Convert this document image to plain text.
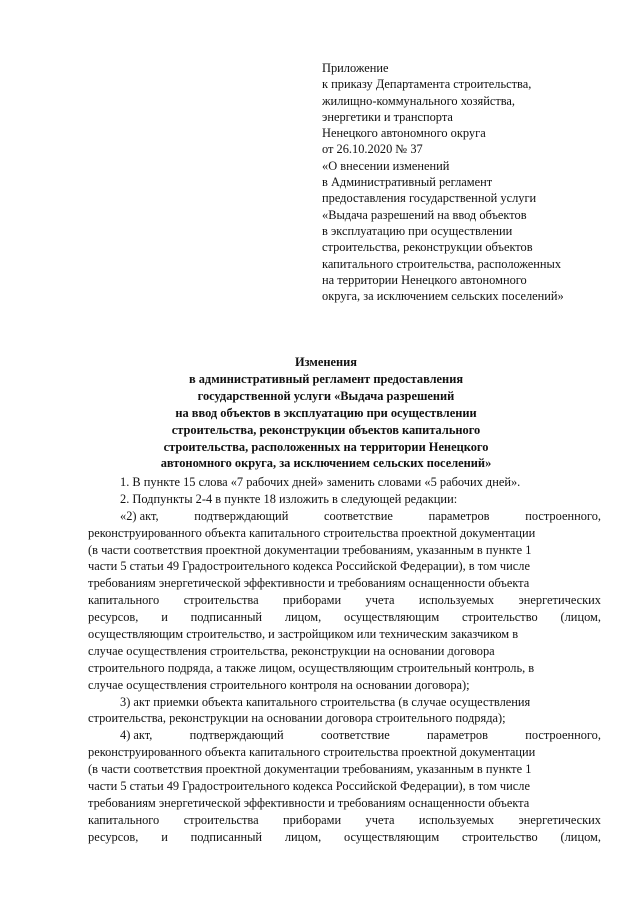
Приложение
к приказу Департамента строительства,
жилищно-коммунального хозяйства,
энергетики и транспорта
Ненецкого автономного округа
от 26.10.2020 № 37
«О внесении изменений
в Административный регламент
предоставления государственной услуги
«Выдача разрешений на ввод объектов
в эксплуатацию при осуществлении
строительства, реконструкции объектов
капитального строительства, расположенных
на территории Ненецкого автономного
округа, за исключением сельских поселений»
Изменения
в административный регламент предоставления
государственной услуги «Выдача разрешений
на ввод объектов в эксплуатацию при осуществлении
строительства, реконструкции объектов капитального
строительства, расположенных на территории Ненецкого
автономного округа, за исключением сельских поселений»
1. В пункте 15 слова «7 рабочих дней» заменить словами «5 рабочих дней».
2. Подпункты 2-4 в пункте 18 изложить в следующей редакции:
«2) акт,	подтверждающий	соответствие	параметров	построенного,
реконструированного объекта капитального строительства проектной документации
(в части соответствия проектной документации требованиям, указанным в пункте 1
части 5 статьи 49 Градостроительного кодекса Российской Федерации), в том числе
требованиям энергетической эффективности и требованиям оснащенности объекта
капитального строительства приборами учета используемых энергетических
ресурсов, и подписанный лицом, осуществляющим строительство (лицом,
осуществляющим строительство, и застройщиком или техническим заказчиком в
случае осуществления строительства, реконструкции на основании договора
строительного подряда, а также лицом, осуществляющим строительный контроль, в
случае осуществления строительного контроля на основании договора);
3) акт приемки объекта капитального строительства (в случае осуществления
строительства, реконструкции на основании договора строительного подряда);
4) акт,	подтверждающий	соответствие	параметров	построенного,
реконструированного объекта капитального строительства проектной документации
(в части соответствия проектной документации требованиям, указанным в пункте 1
части 5 статьи 49 Градостроительного кодекса Российской Федерации), в том числе
требованиям энергетической эффективности и требованиям оснащенности объекта
капитального строительства приборами учета используемых энергетических
ресурсов, и подписанный лицом, осуществляющим строительство (лицом,
